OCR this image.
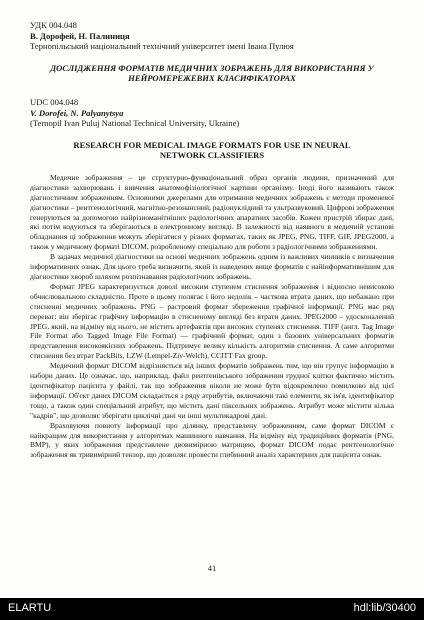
УДК 004.048
В. Дорофей, Н. Палиниця
Тернопільський національний технічний університет імені Івана Пулюя
ДОСЛІДЖЕННЯ ФОРМАТІВ МЕДИЧНИХ ЗОБРАЖЕНЬ ДЛЯ ВИКОРИСТАННЯ У НЕЙРОМЕРЕЖЕВИХ КЛАСИФІКАТОРАХ
UDC 004.048
V. Dorofei, N. Palyanytsya
(Ternopil Ivan Puluj National Technical University, Ukraine)
RESEARCH FOR MEDICAL IMAGE FORMATS FOR USE IN NEURAL NETWORK CLASSIFIERS

Медичне зображення – це структурно-функціональний образ органів людини, призначений для діагностики захворювань і вивчення анатомофізіологічної картини організму. Іноді його називають також діагностичним зображенням. Основними джерелами для отримання медичних зображень є методи променевої діагностики – рентгенологічний, магнітно-резонансний, радіонуклідний та ультразвуковий. Цифрові зображення генеруються за допомогою найрізноманітніших радіологічних апаратних засобів. Кожен пристрій збирає дані, які потім кодуються та зберігаються в електронному вигляді. В залежності від наявного в медичній установі обладнання ці зображення можуть зберігатися у різних форматах, таких як JPEG, PNG, TIFF, GIF, JPEG2000, а також у медичному форматі DICOM, розробленому спеціально для роботи з радіологічними зображеннями.

В задачах медичної діагностики на основі медичних зображень одним із важливих чинників є визначення інформативних ознак. Для цього треба визначити, який із наведених вище форматів є найінформативнішим для діагностики хвороб шляхом розпізнавання радіологічних зображень.

Формат JPEG характеризується доволі високим ступенем стиснення зображення і відносно невисокою обчислювальною складністю. Проте в цьому полягає і його недолік – часткова втрата даних, що небажано при стисненні медичних зображень. PNG – растровий формат збереження графічної інформації. PNG має ряд переваг: він зберігає графічну інформацію в стисненому вигляді без втрати даних. JPEG2000 – удосконалений JPEG, який, на відміну від нього, не містить артефактів при високих ступенях стиснення. TIFF (англ. Tag Image File Format або Tagged Image File Format) — графічний формат, один з базових універсальних форматів представлення високоякісних зображень. Підтримує велику кількість алгоритмів стиснення. А саме алгоритми стиснення без втрат PackBits, LZW (Lempel-Ziv-Welch), CCITT Fax group.

Медичний формат DICOM відрізняється від інших форматів зображень тим, що він групує інформацію в набори даних. Це означає, що, наприклад, файл рентгенівського зображення грудної клітки фактично містить ідентифікатор пацієнта у файлі, так що зображення ніколи не може бути відокремлено помилково від цієї інформації. Об'єкт даних DICOM складається з ряду атрибутів, включаючи такі елементи, як ім'я, ідентифікатор тощо, а також один спеціальний атрибут, що містить дані піксельних зображень. Атрибут може містити кілька "кадрів", що дозволяє зберігати циклічні дані чи інші мультикадрові дані.

Враховуючи повноту інформації про ділянку, представлену зображенням, саме формат DICOM є найкращим для використання у алгоритмах машинного навчання. На відміну від традиційних форматів (PNG, BMP), у яких зображення представлене двовимірною матрицею, формат DICOM подає рентгенологічне зображення як тривимірний тензор, що дозволяє провести глибинний аналіз характерних для пацієнта ознак.

41
ELARTU	hdl:lib/30400
